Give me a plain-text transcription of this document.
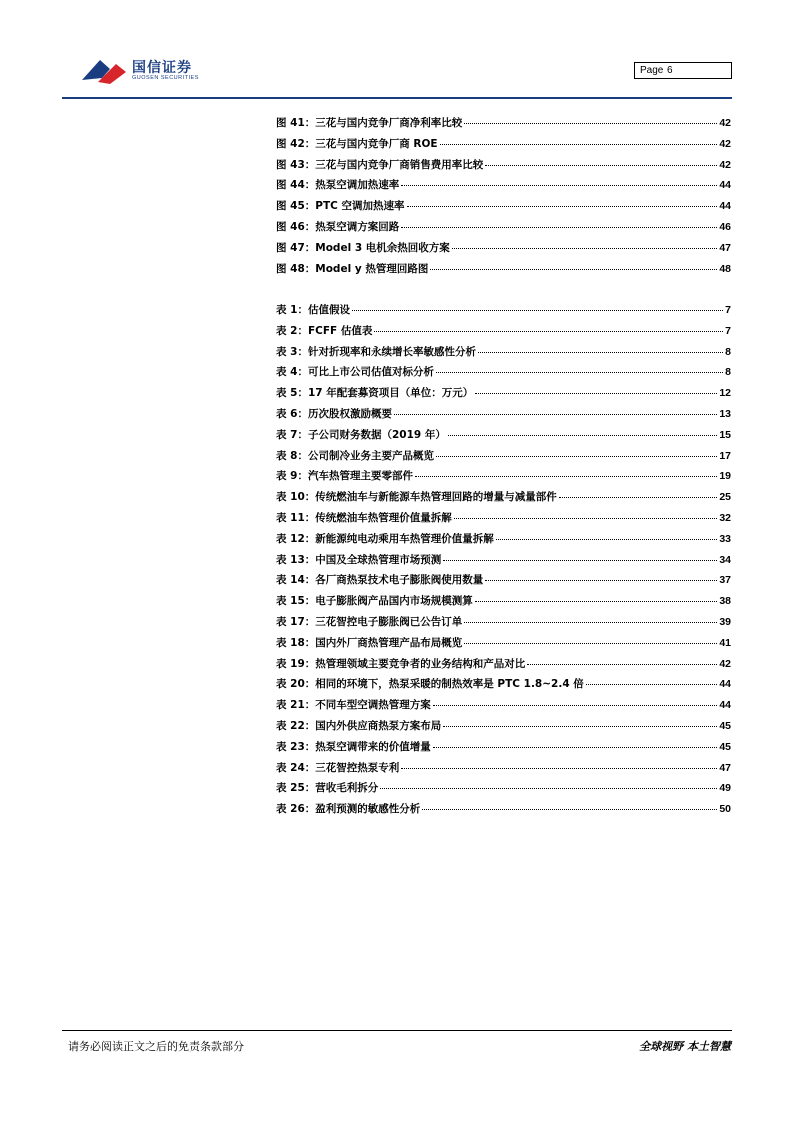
国信证券
GUOSEN SECURITIES
Page 6
图 41：三花与国内竞争厂商净利率比较	42
图 42：三花与国内竞争厂商 ROE	42
图 43：三花与国内竞争厂商销售费用率比较	42
图 44：热泵空调加热速率	44
图 45：PTC 空调加热速率	44
图 46：热泵空调方案回路	46
图 47：Model 3 电机余热回收方案	47
图 48：Model y 热管理回路图	48
表 1：估值假设	7
表 2：FCFF 估值表	7
表 3：针对折现率和永续增长率敏感性分析	8
表 4：可比上市公司估值对标分析	8
表 5：17 年配套募资项目（单位：万元）	12
表 6：历次股权激励概要	13
表 7：子公司财务数据（2019 年）	15
表 8：公司制冷业务主要产品概览	17
表 9：汽车热管理主要零部件	19
表 10：传统燃油车与新能源车热管理回路的增量与减量部件	25
表 11：传统燃油车热管理价值量拆解	32
表 12：新能源纯电动乘用车热管理价值量拆解	33
表 13：中国及全球热管理市场预测	34
表 14：各厂商热泵技术电子膨胀阀使用数量	37
表 15：电子膨胀阀产品国内市场规模测算	38
表 17：三花智控电子膨胀阀已公告订单	39
表 18：国内外厂商热管理产品布局概览	41
表 19：热管理领域主要竞争者的业务结构和产品对比	42
表 20：相同的环境下，热泵采暖的制热效率是 PTC 1.8~2.4 倍	44
表 21：不同车型空调热管理方案	44
表 22：国内外供应商热泵方案布局	45
表 23：热泵空调带来的价值增量	45
表 24：三花智控热泵专利	47
表 25：营收毛利拆分	49
表 26：盈利预测的敏感性分析	50
请务必阅读正文之后的免责条款部分	全球视野 本土智慧
